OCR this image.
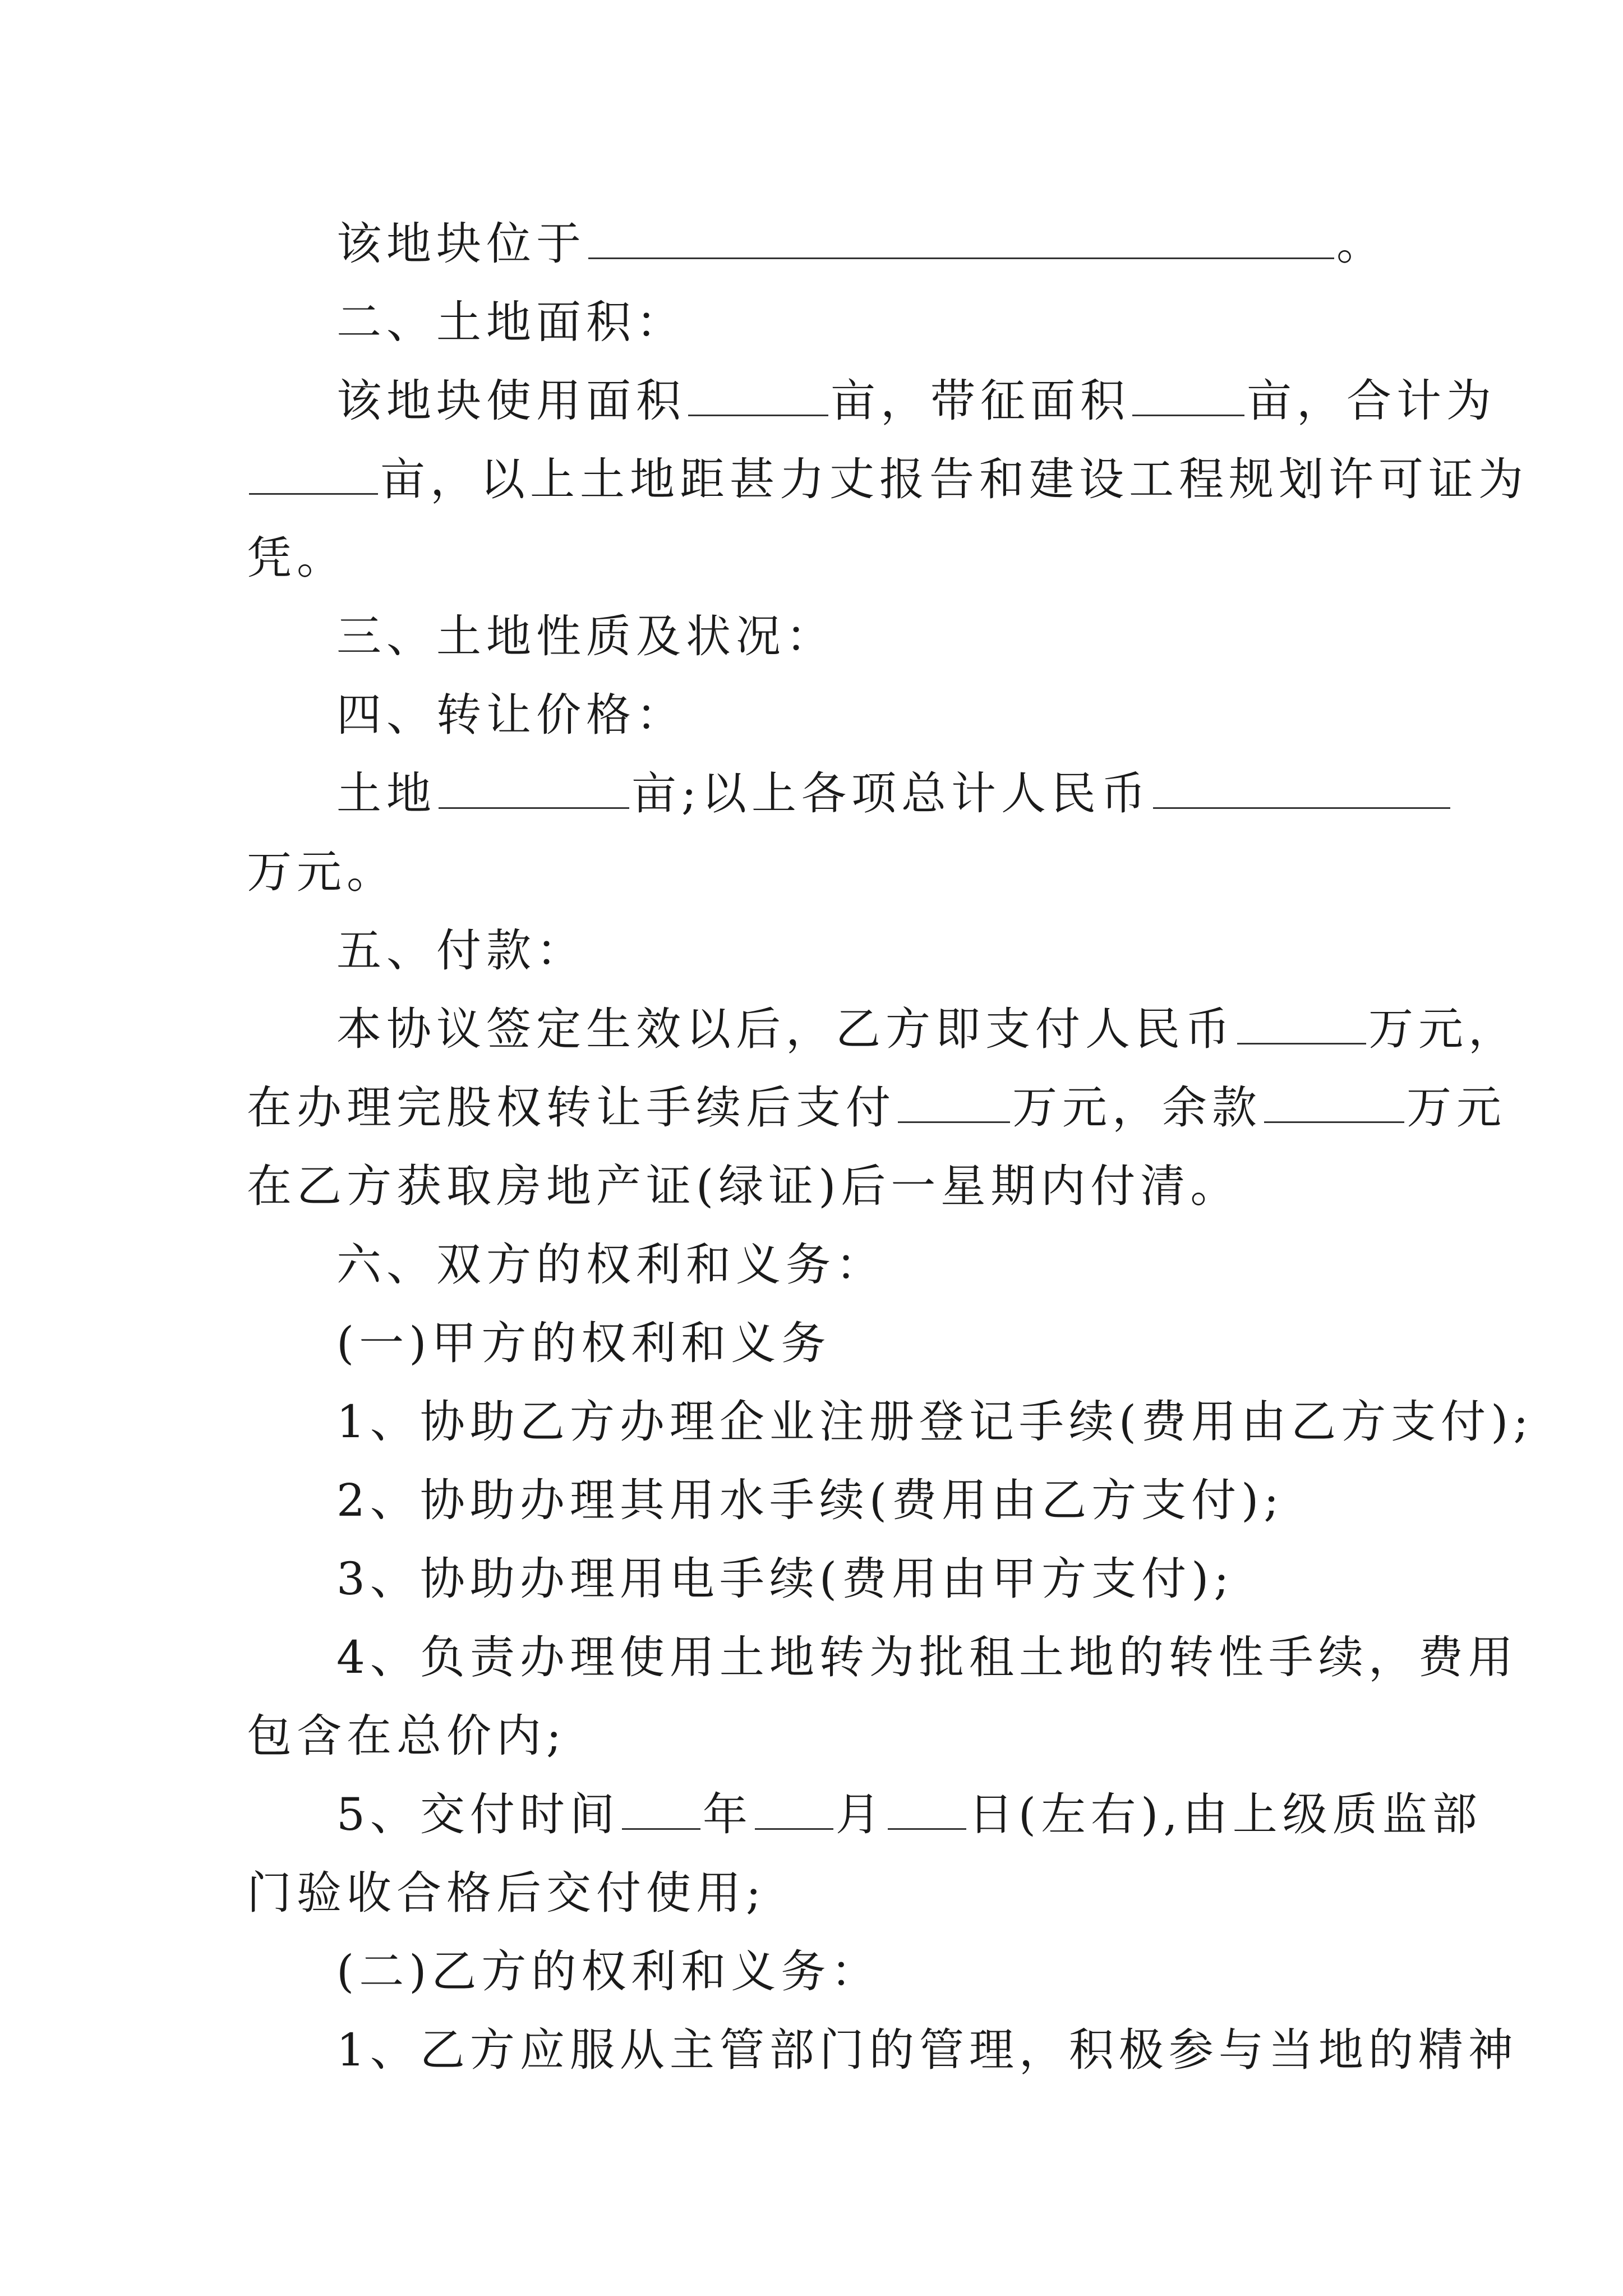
该地块位于	。
二、土地面积：
该地块使用面积	亩，带征面积	亩，合计为
亩，以上土地距甚力丈报告和建设工程规划许可证为
凭。
三、土地性质及状况：
四、转让价格：
土地	亩;以上各项总计人民币
万元。
五、付款：
本协议签定生效以后，乙方即支付人民币	万元，
在办理完股权转让手续后支付	万元，余款	万元
在乙方获取房地产证(绿证)后一星期内付清。
六、双方的权利和义务：
(一)甲方的权利和义务
1、协助乙方办理企业注册登记手续(费用由乙方支付);
2、协助办理其用水手续(费用由乙方支付);
3、协助办理用电手续(费用由甲方支付);
4、负责办理使用土地转为批租土地的转性手续，费用
包含在总价内;
5、交付时间 年 月 日(左右),由上级质监部
门验收合格后交付使用;
(二)乙方的权利和义务：
1、乙方应服从主管部门的管理，积极参与当地的精神
